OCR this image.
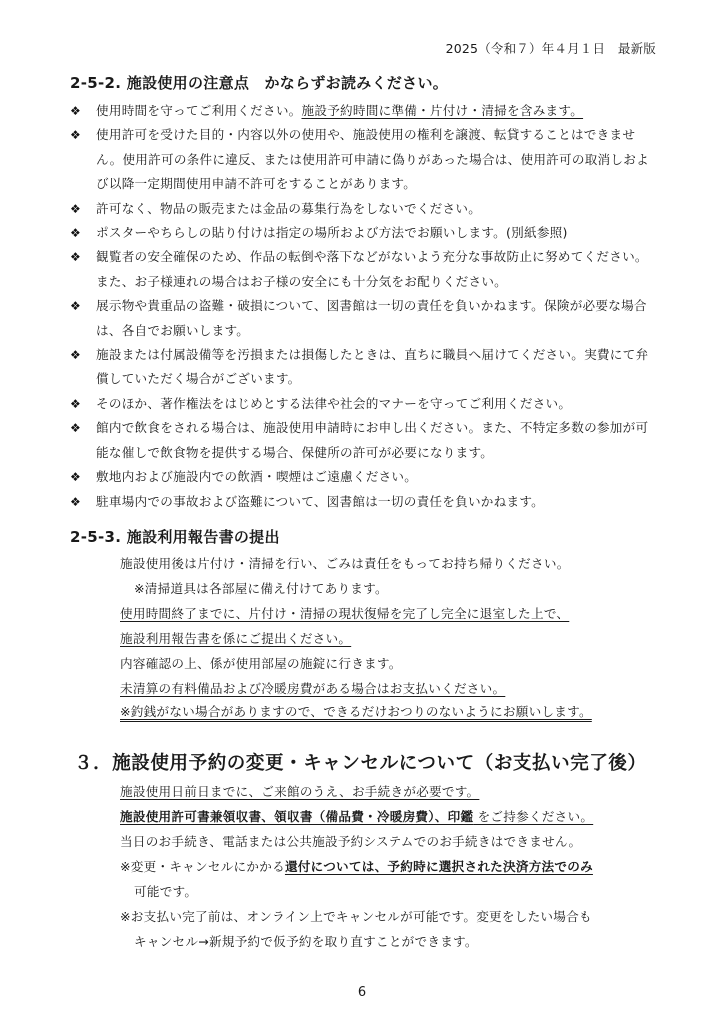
2025（令和７）年４月１日　最新版
2-5-2. 施設使用の注意点　かならずお読みください。
❖ 使用時間を守ってご利用ください。施設予約時間に準備・片付け・清掃を含みます。
❖ 使用許可を受けた目的・内容以外の使用や、施設使用の権利を譲渡、転貸することはできません。使用許可の条件に違反、または使用許可申請に偽りがあった場合は、使用許可の取消しおよび以降一定期間使用申請不許可をすることがあります。
❖ 許可なく、物品の販売または金品の募集行為をしないでください。
❖ ポスターやちらしの貼り付けは指定の場所および方法でお願いします。(別紙参照)
❖ 観覧者の安全確保のため、作品の転倒や落下などがないよう充分な事故防止に努めてください。また、お子様連れの場合はお子様の安全にも十分気をお配りください。
❖ 展示物や貴重品の盗難・破損について、図書館は一切の責任を負いかねます。保険が必要な場合は、各自でお願いします。
❖ 施設または付属設備等を汚損または損傷したときは、直ちに職員へ届けてください。実費にて弁償していただく場合がございます。
❖ そのほか、著作権法をはじめとする法律や社会的マナーを守ってご利用ください。
❖ 館内で飲食をされる場合は、施設使用申請時にお申し出ください。また、不特定多数の参加が可能な催しで飲食物を提供する場合、保健所の許可が必要になります。
❖ 敷地内および施設内での飲酒・喫煙はご遠慮ください。
❖ 駐車場内での事故および盗難について、図書館は一切の責任を負いかねます。
2-5-3. 施設利用報告書の提出
施設使用後は片付け・清掃を行い、ごみは責任をもってお持ち帰りください。
※清掃道具は各部屋に備え付けてあります。
使用時間終了までに、片付け・清掃の現状復帰を完了し完全に退室した上で、
施設利用報告書を係にご提出ください。
内容確認の上、係が使用部屋の施錠に行きます。
未清算の有料備品および冷暖房費がある場合はお支払いください。
※釣銭がない場合がありますので、できるだけおつりのないようにお願いします。
３．施設使用予約の変更・キャンセルについて（お支払い完了後）
施設使用日前日までに、ご来館のうえ、お手続きが必要です。
施設使用許可書兼領収書、領収書（備品費・冷暖房費）、印鑑 をご持参ください。
当日のお手続き、電話または公共施設予約システムでのお手続きはできません。
※変更・キャンセルにかかる還付については、予約時に選択された決済方法でのみ
可能です。
※お支払い完了前は、オンライン上でキャンセルが可能です。変更をしたい場合も
キャンセル→新規予約で仮予約を取り直すことができます。
6
